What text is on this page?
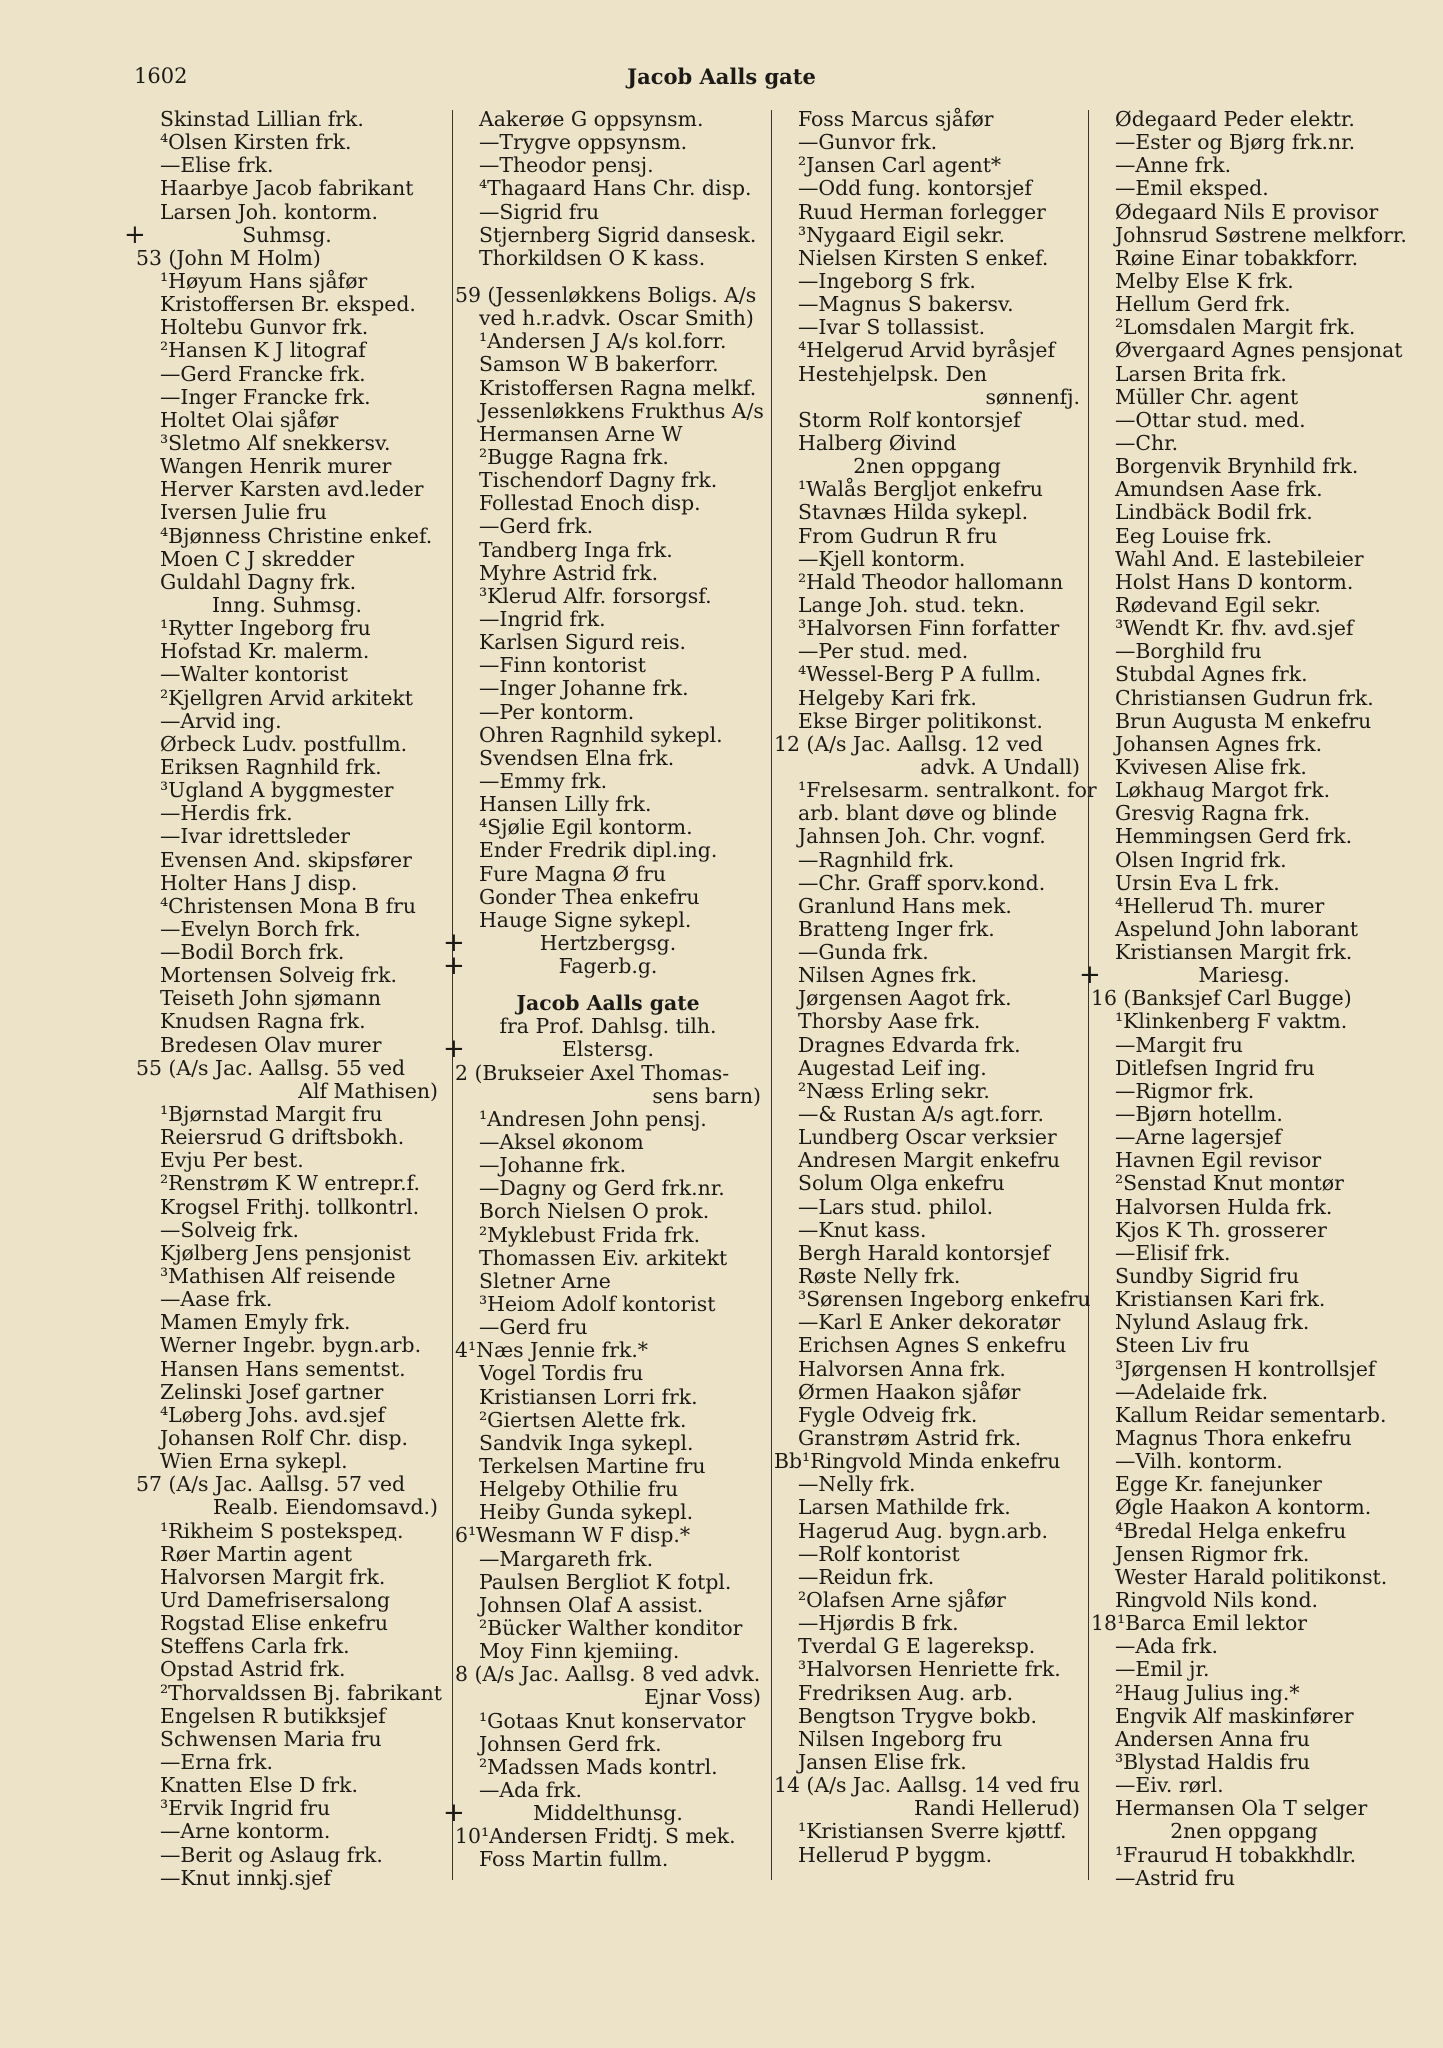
1602	Jacob Aalls gate
Skinstad Lillian frk.
⁴Olsen Kirsten frk.
—Elise frk.
Haarbye Jacob fabrikant
Larsen Joh. kontorm.
+	Suhmsg.
53 (John M Holm)
¹Høyum Hans sjåfør
Kristoffersen Br. eksped.
Holtebu Gunvor frk.
²Hansen K J litograf
—Gerd Francke frk.
—Inger Francke frk.
Holtet Olai sjåfør
³Sletmo Alf snekkersv.
Wangen Henrik murer
Herver Karsten avd.leder
Iversen Julie fru
⁴Bjønness Christine enkef.
Moen C J skredder
Guldahl Dagny frk.
Inng. Suhmsg.
¹Rytter Ingeborg fru
Hofstad Kr. malerm.
—Walter kontorist
²Kjellgren Arvid arkitekt
—Arvid ing.
Ørbeck Ludv. postfullm.
Eriksen Ragnhild frk.
³Ugland A byggmester
—Herdis frk.
—Ivar idrettsleder
Evensen And. skipsfører
Holter Hans J disp.
⁴Christensen Mona B fru
—Evelyn Borch frk.
—Bodil Borch frk.
Mortensen Solveig frk.
Teiseth John sjømann
Knudsen Ragna frk.
Bredesen Olav murer
55 (A/s Jac. Aallsg. 55 ved
Alf Mathisen)
¹Bjørnstad Margit fru
Reiersrud G driftsbokh.
Evju Per best.
²Renstrøm K W entrepr.f.
Krogsel Frithj. tollkontrl.
—Solveig frk.
Kjølberg Jens pensjonist
³Mathisen Alf reisende
—Aase frk.
Mamen Emyly frk.
Werner Ingebr. bygn.arb.
Hansen Hans sementst.
Zelinski Josef gartner
⁴Løberg Johs. avd.sjef
Johansen Rolf Chr. disp.
Wien Erna sykepl.
57 (A/s Jac. Aallsg. 57 ved
Realb. Eiendomsavd.)
¹Rikheim S postekspeд.
Røer Martin agent
Halvorsen Margit frk.
Urd Damefrisersalong
Rogstad Elise enkefru
Steffens Carla frk.
Opstad Astrid frk.
²Thorvaldssen Bj. fabrikant
Engelsen R butikksjef
Schwensen Maria fru
—Erna frk.
Knatten Else D frk.
³Ervik Ingrid fru
—Arne kontorm.
—Berit og Aslaug frk.
—Knut innkj.sjef
Aakerøe G oppsynsm.
—Trygve oppsynsm.
—Theodor pensj.
⁴Thagaard Hans Chr. disp.
—Sigrid fru
Stjernberg Sigrid dansesk.
Thorkildsen O K kass.
59 (Jessenløkkens Boligs. A/s
ved h.r.advk. Oscar Smith)
¹Andersen J A/s kol.forr.
Samson W B bakerforr.
Kristoffersen Ragna melkf.
Jessenløkkens Frukthus A/s
Hermansen Arne W
²Bugge Ragna frk.
Tischendorf Dagny frk.
Follestad Enoch disp.
—Gerd frk.
Tandberg Inga frk.
Myhre Astrid frk.
³Klerud Alfr. forsorgsf.
—Ingrid frk.
Karlsen Sigurd reis.
—Finn kontorist
—Inger Johanne frk.
—Per kontorm.
Ohren Ragnhild sykepl.
Svendsen Elna frk.
—Emmy frk.
Hansen Lilly frk.
⁴Sjølie Egil kontorm.
Ender Fredrik dipl.ing.
Fure Magna Ø fru
Gonder Thea enkefru
Hauge Signe sykepl.
+	Hertzbergsg.
+	Fagerb.g.
Jacob Aalls gate
fra Prof. Dahlsg. tilh.
+	Elstersg.
2 (Brukseier Axel Thomas-
sens barn)
¹Andresen John pensj.
—Aksel økonom
—Johanne frk.
—Dagny og Gerd frk.nr.
Borch Nielsen O prok.
²Myklebust Frida frk.
Thomassen Eiv. arkitekt
Sletner Arne
³Heiom Adolf kontorist
—Gerd fru
4¹Næs Jennie frk.*
Vogel Tordis fru
Kristiansen Lorri frk.
²Giertsen Alette frk.
Sandvik Inga sykepl.
Terkelsen Martine fru
Helgeby Othilie fru
Heiby Gunda sykepl.
6¹Wesmann W F disp.*
—Margareth frk.
Paulsen Bergliot K fotpl.
Johnsen Olaf A assist.
²Bücker Walther konditor
Moy Finn kjemiing.
8 (A/s Jac. Aallsg. 8 ved advk.
Ejnar Voss)
¹Gotaas Knut konservator
Johnsen Gerd frk.
²Madssen Mads kontrl.
—Ada frk.
+	Middelthunsg.
10¹Andersen Fridtj. S mek.
Foss Martin fullm.
Foss Marcus sjåfør
—Gunvor frk.
²Jansen Carl agent*
—Odd fung. kontorsjef
Ruud Herman forlegger
³Nygaard Eigil sekr.
Nielsen Kirsten S enkef.
—Ingeborg S frk.
—Magnus S bakersv.
—Ivar S tollassist.
⁴Helgerud Arvid byråsjef
Hestehjelpsk. Den
sønnenfj.
Storm Rolf kontorsjef
Halberg Øivind
2nen oppgang
¹Walås Bergljot enkefru
Stavnæs Hilda sykepl.
From Gudrun R fru
—Kjell kontorm.
²Hald Theodor hallomann
Lange Joh. stud. tekn.
³Halvorsen Finn forfatter
—Per stud. med.
⁴Wessel-Berg P A fullm.
Helgeby Kari frk.
Ekse Birger politikonst.
12 (A/s Jac. Aallsg. 12 ved
advk. A Undall)
¹Frelsesarm. sentralkont. for
arb. blant døve og blinde
Jahnsen Joh. Chr. vognf.
—Ragnhild frk.
—Chr. Graff sporv.kond.
Granlund Hans mek.
Bratteng Inger frk.
—Gunda frk.
Nilsen Agnes frk.
Jørgensen Aagot frk.
Thorsby Aase frk.
Dragnes Edvarda frk.
Augestad Leif ing.
²Næss Erling sekr.
—& Rustan A/s agt.forr.
Lundberg Oscar verksier
Andresen Margit enkefru
Solum Olga enkefru
—Lars stud. philol.
—Knut kass.
Bergh Harald kontorsjef
Røste Nelly frk.
³Sørensen Ingeborg enkefru
—Karl E Anker dekoratør
Erichsen Agnes S enkefru
Halvorsen Anna frk.
Ørmen Haakon sjåfør
Fygle Odveig frk.
Granstrøm Astrid frk.
Bb¹Ringvold Minda enkefru
—Nelly frk.
Larsen Mathilde frk.
Hagerud Aug. bygn.arb.
—Rolf kontorist
—Reidun frk.
²Olafsen Arne sjåfør
—Hjørdis B frk.
Tverdal G E lagereksp.
³Halvorsen Henriette frk.
Fredriksen Aug. arb.
Bengtson Trygve bokb.
Nilsen Ingeborg fru
Jansen Elise frk.
14 (A/s Jac. Aallsg. 14 ved fru
Randi Hellerud)
¹Kristiansen Sverre kjøttf.
Hellerud P byggm.
Ødegaard Peder elektr.
—Ester og Bjørg frk.nr.
—Anne frk.
—Emil eksped.
Ødegaard Nils E provisor
Johnsrud Søstrene melkforr.
Røine Einar tobakkforr.
Melby Else K frk.
Hellum Gerd frk.
²Lomsdalen Margit frk.
Øvergaard Agnes pensjonat
Larsen Brita frk.
Müller Chr. agent
—Ottar stud. med.
—Chr.
Borgenvik Brynhild frk.
Amundsen Aase frk.
Lindbäck Bodil frk.
Eeg Louise frk.
Wahl And. E lastebileier
Holst Hans D kontorm.
Rødevand Egil sekr.
³Wendt Kr. fhv. avd.sjef
—Borghild fru
Stubdal Agnes frk.
Christiansen Gudrun frk.
Brun Augusta M enkefru
Johansen Agnes frk.
Kvivesen Alise frk.
Løkhaug Margot frk.
Gresvig Ragna frk.
Hemmingsen Gerd frk.
Olsen Ingrid frk.
Ursin Eva L frk.
⁴Hellerud Th. murer
Aspelund John laborant
Kristiansen Margit frk.
+	Mariesg.
16 (Banksjef Carl Bugge)
¹Klinkenberg F vaktm.
—Margit fru
Ditlefsen Ingrid fru
—Rigmor frk.
—Bjørn hotellm.
—Arne lagersjef
Havnen Egil revisor
²Senstad Knut montør
Halvorsen Hulda frk.
Kjos K Th. grosserer
—Elisif frk.
Sundby Sigrid fru
Kristiansen Kari frk.
Nylund Aslaug frk.
Steen Liv fru
³Jørgensen H kontrollsjef
—Adelaide frk.
Kallum Reidar sementarb.
Magnus Thora enkefru
—Vilh. kontorm.
Egge Kr. fanejunker
Øgle Haakon A kontorm.
⁴Bredal Helga enkefru
Jensen Rigmor frk.
Wester Harald politikonst.
Ringvold Nils kond.
18¹Barca Emil lektor
—Ada frk.
—Emil jr.
²Haug Julius ing.*
Engvik Alf maskinfører
Andersen Anna fru
³Blystad Haldis fru
—Eiv. rørl.
Hermansen Ola T selger
2nen oppgang
¹Fraurud H tobakkhdlr.
—Astrid fru
